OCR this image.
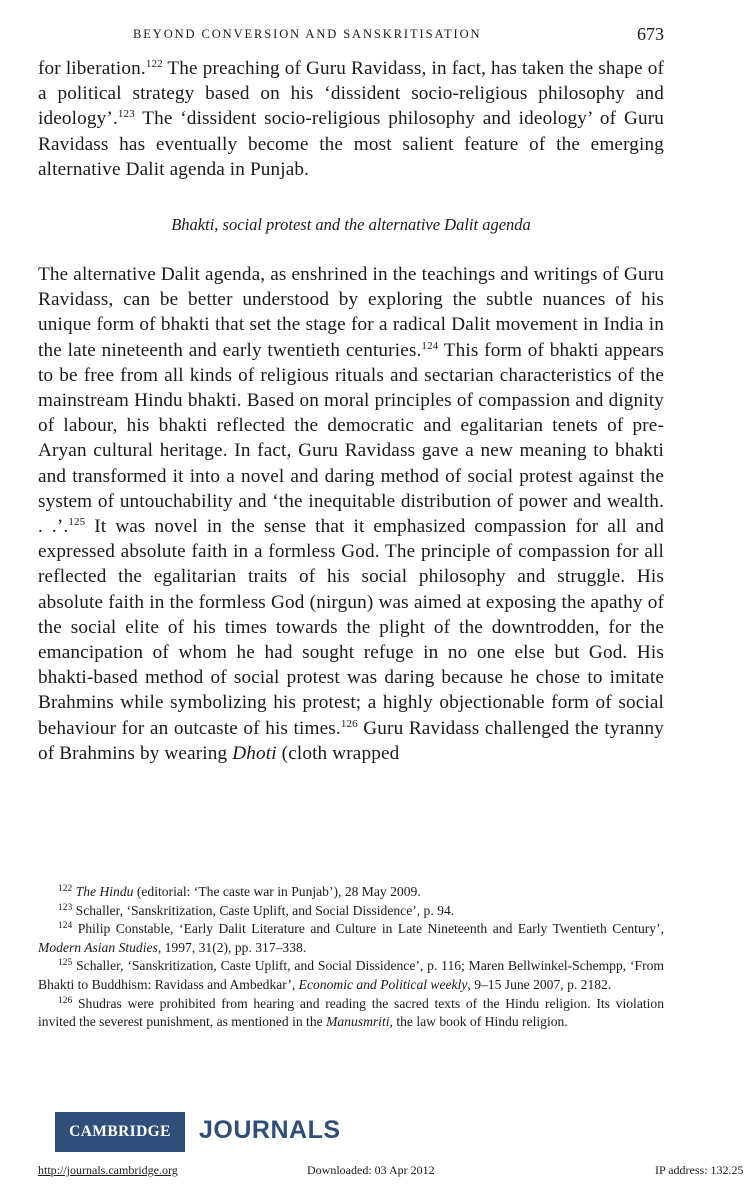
BEYOND CONVERSION AND SANSKRITISATION	673

for liberation.$^{122}$ The preaching of Guru Ravidass, in fact, has taken the shape of a political strategy based on his ‘dissident socio-religious philosophy and ideology’.$^{123}$ The ‘dissident socio-religious philosophy and ideology’ of Guru Ravidass has eventually become the most salient feature of the emerging alternative Dalit agenda in Punjab.

Bhakti, social protest and the alternative Dalit agenda

The alternative Dalit agenda, as enshrined in the teachings and writings of Guru Ravidass, can be better understood by exploring the subtle nuances of his unique form of bhakti that set the stage for a radical Dalit movement in India in the late nineteenth and early twentieth centuries.$^{124}$ This form of bhakti appears to be free from all kinds of religious rituals and sectarian characteristics of the mainstream Hindu bhakti. Based on moral principles of compassion and dignity of labour, his bhakti reflected the democratic and egalitarian tenets of pre-Aryan cultural heritage. In fact, Guru Ravidass gave a new meaning to bhakti and transformed it into a novel and daring method of social protest against the system of untouchability and ‘the inequitable distribution of power and wealth. . .’.$^{125}$ It was novel in the sense that it emphasized compassion for all and expressed absolute faith in a formless God. The principle of compassion for all reflected the egalitarian traits of his social philosophy and struggle. His absolute faith in the formless God (nirgun) was aimed at exposing the apathy of the social elite of his times towards the plight of the downtrodden, for the emancipation of whom he had sought refuge in no one else but God. His bhakti-based method of social protest was daring because he chose to imitate Brahmins while symbolizing his protest; a highly objectionable form of social behaviour for an outcaste of his times.$^{126}$ Guru Ravidass challenged the tyranny of Brahmins by wearing Dhoti (cloth wrapped

$^{122}$ The Hindu (editorial: ‘The caste war in Punjab’), 28 May 2009.

$^{123}$ Schaller, ‘Sanskritization, Caste Uplift, and Social Dissidence’, p. 94.

$^{124}$ Philip Constable, ‘Early Dalit Literature and Culture in Late Nineteenth and Early Twentieth Century’, Modern Asian Studies, 1997, 31(2), pp. 317–338.

$^{125}$ Schaller, ‘Sanskritization, Caste Uplift, and Social Dissidence’, p. 116; Maren Bellwinkel-Schempp, ‘From Bhakti to Buddhism: Ravidass and Ambedkar’, Economic and Political weekly, 9–15 June 2007, p. 2182.

$^{126}$ Shudras were prohibited from hearing and reading the sacred texts of the Hindu religion. Its violation invited the severest punishment, as mentioned in the Manusmriti, the law book of Hindu religion.

CAMBRIDGE	JOURNALS
http://journals.cambridge.org	Downloaded: 03 Apr 2012	IP address: 132.25
